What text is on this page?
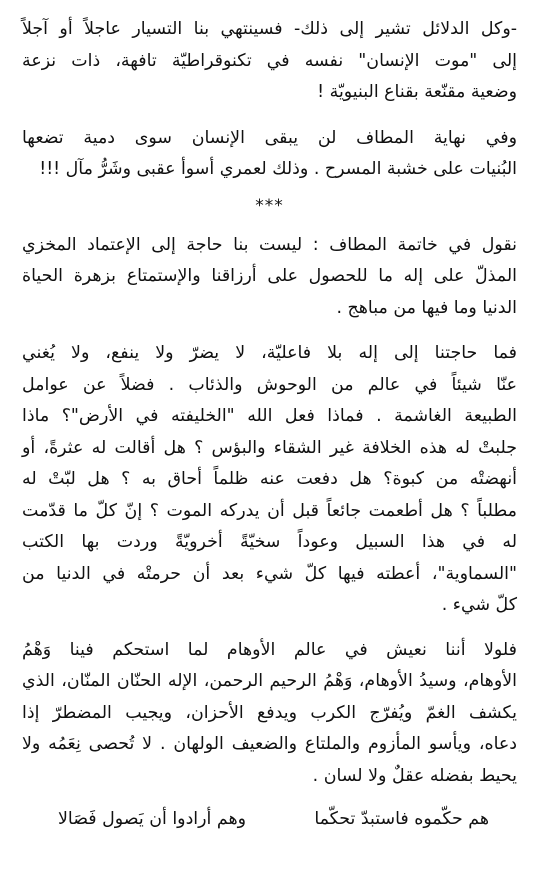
-وكل الدلائل تشير إلى ذلك- فسينتهي بنا التسيار عاجلاً أو آجلاً
إلى "موت الإنسان" نفسه في تكنوقراطيّة تافهة، ذات نزعة
وضعية مقنّعة بقناع البنيويّة !
وفي نهاية المطاف لن يبقى الإنسان سوى دمية تضعها
البُنيات على خشبة المسرح . وذلك لعمري أسوأ عقبى وشَرُّ مآل !!!
***
نقول في خاتمة المطاف : ليست بنا حاجة إلى الإعتماد المخزي
المذلّ على إله ما للحصول على أرزاقنا والإستمتاع بزهرة الحياة
الدنيا وما فيها من مباهج .
فما حاجتنا إلى إله بلا فاعليّة، لا يضرّ ولا ينفع، ولا يُغني
عنّا شيئاً في عالم من الوحوش والذئاب . فضلاً عن عوامل
الطبيعة الغاشمة . فماذا فعل الله "الخليفته في الأرض"؟ ماذا
جلبتْ له هذه الخلافة غير الشقاء والبؤس ؟ هل أقالت له عثرةً، أو
أنهضتْه من كبوة؟ هل دفعت عنه ظلماً أحاق به ؟ هل لبّتْ له
مطلباً ؟ هل أطعمت جائعاً قبل أن يدركه الموت ؟ إنّ كلّ ما قدّمت
له في هذا السبيل وعوداً سخيّةً أخرويّةً وردت بها الكتب
"السماوية"، أعطته فيها كلّ شيء بعد أن حرمتْه في الدنيا من
كلّ شيء .
فلولا أننا نعيش في عالم الأوهام لما استحكم فينا وَهْمُ
الأوهام، وسيدُ الأوهام، وَهْمُ الرحيم الرحمن، الإله الحنّان المنّان، الذي
يكشف الغمّ ويُفرّج الكرب ويدفع الأحزان، ويجيب المضطرّ إذا
دعاه، ويأسو المأزوم والملتاع والضعيف الولهان . لا تُحصى نِعَمُه ولا
يحيط بفضله عقلٌ ولا لسان .
هم حكّموه فاستبدّ تحكّما
وهم أرادوا أن يَصول فَصَالا
